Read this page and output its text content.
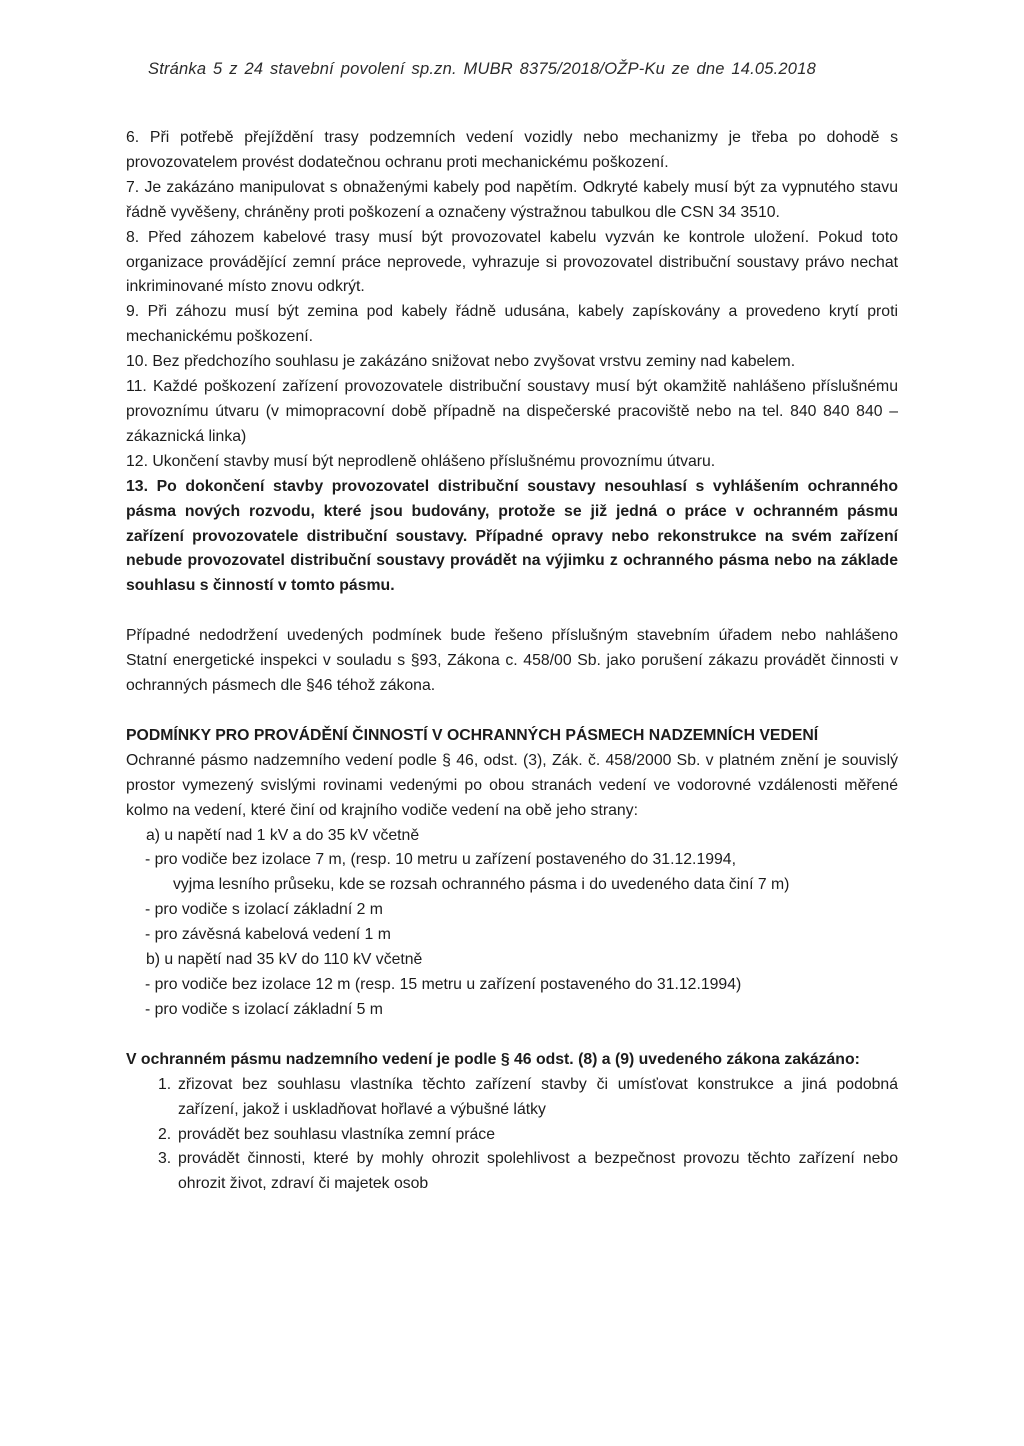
Stránka 5 z 24 stavební povolení sp.zn. MUBR 8375/2018/OŽP-Ku ze dne 14.05.2018

6. Při potřebě přejíždění trasy podzemních vedení vozidly nebo mechanizmy je třeba po dohodě s provozovatelem provést dodatečnou ochranu proti mechanickému poškození.

7. Je zakázáno manipulovat s obnaženými kabely pod napětím. Odkryté kabely musí být za vypnutého stavu řádně vyvěšeny, chráněny proti poškození a označeny výstražnou tabulkou dle CSN 34 3510.

8. Před záhozem kabelové trasy musí být provozovatel kabelu vyzván ke kontrole uložení. Pokud toto organizace provádějící zemní práce neprovede, vyhrazuje si provozovatel distribuční soustavy právo nechat inkriminované místo znovu odkrýt.

9. Při záhozu musí být zemina pod kabely řádně udusána, kabely zapískovány a provedeno krytí proti mechanickému poškození.

10. Bez předchozího souhlasu je zakázáno snižovat nebo zvyšovat vrstvu zeminy nad kabelem.

11. Každé poškození zařízení provozovatele distribuční soustavy musí být okamžitě nahlášeno příslušnému provoznímu útvaru (v mimopracovní době případně na dispečerské pracoviště nebo na tel. 840 840 840 – zákaznická linka)

12. Ukončení stavby musí být neprodleně ohlášeno příslušnému provoznímu útvaru.

13. Po dokončení stavby provozovatel distribuční soustavy nesouhlasí s vyhlášením ochranného pásma nových rozvodu, které jsou budovány, protože se již jedná o práce v ochranném pásmu zařízení provozovatele distribuční soustavy. Případné opravy nebo rekonstrukce na svém zařízení nebude provozovatel distribuční soustavy provádět na výjimku z ochranného pásma nebo na základe souhlasu s činností v tomto pásmu.

Případné nedodržení uvedených podmínek bude řešeno příslušným stavebním úřadem nebo nahlášeno Statní energetické inspekci v souladu s §93, Zákona c. 458/00 Sb. jako porušení zákazu provádět činnosti v ochranných pásmech dle §46 téhož zákona.

PODMÍNKY PRO PROVÁDĚNÍ ČINNOSTÍ V OCHRANNÝCH PÁSMECH NADZEMNÍCH VEDENÍ

Ochranné pásmo nadzemního vedení podle § 46, odst. (3), Zák. č. 458/2000 Sb. v platném znění je souvislý prostor vymezený svislými rovinami vedenými po obou stranách vedení ve vodorovné vzdálenosti měřené kolmo na vedení, které činí od krajního vodiče vedení na obě jeho strany:

a) u napětí nad 1 kV a do 35 kV včetně

- pro vodiče bez izolace 7 m, (resp. 10 metru u zařízení postaveného do 31.12.1994,

vyjma lesního průseku, kde se rozsah ochranného pásma i do uvedeného data činí 7 m)

- pro vodiče s izolací základní 2 m

- pro závěsná kabelová vedení 1 m

b) u napětí nad 35 kV do 110 kV včetně

- pro vodiče bez izolace 12 m (resp. 15 metru u zařízení postaveného do 31.12.1994)

- pro vodiče s izolací základní 5 m

V ochranném pásmu nadzemního vedení je podle § 46 odst. (8) a (9) uvedeného zákona zakázáno:

1. zřizovat bez souhlasu vlastníka těchto zařízení stavby či umísťovat konstrukce a jiná podobná zařízení, jakož i uskladňovat hořlavé a výbušné látky
2. provádět bez souhlasu vlastníka zemní práce
3. provádět činnosti, které by mohly ohrozit spolehlivost a bezpečnost provozu těchto zařízení nebo ohrozit život, zdraví či majetek osob
